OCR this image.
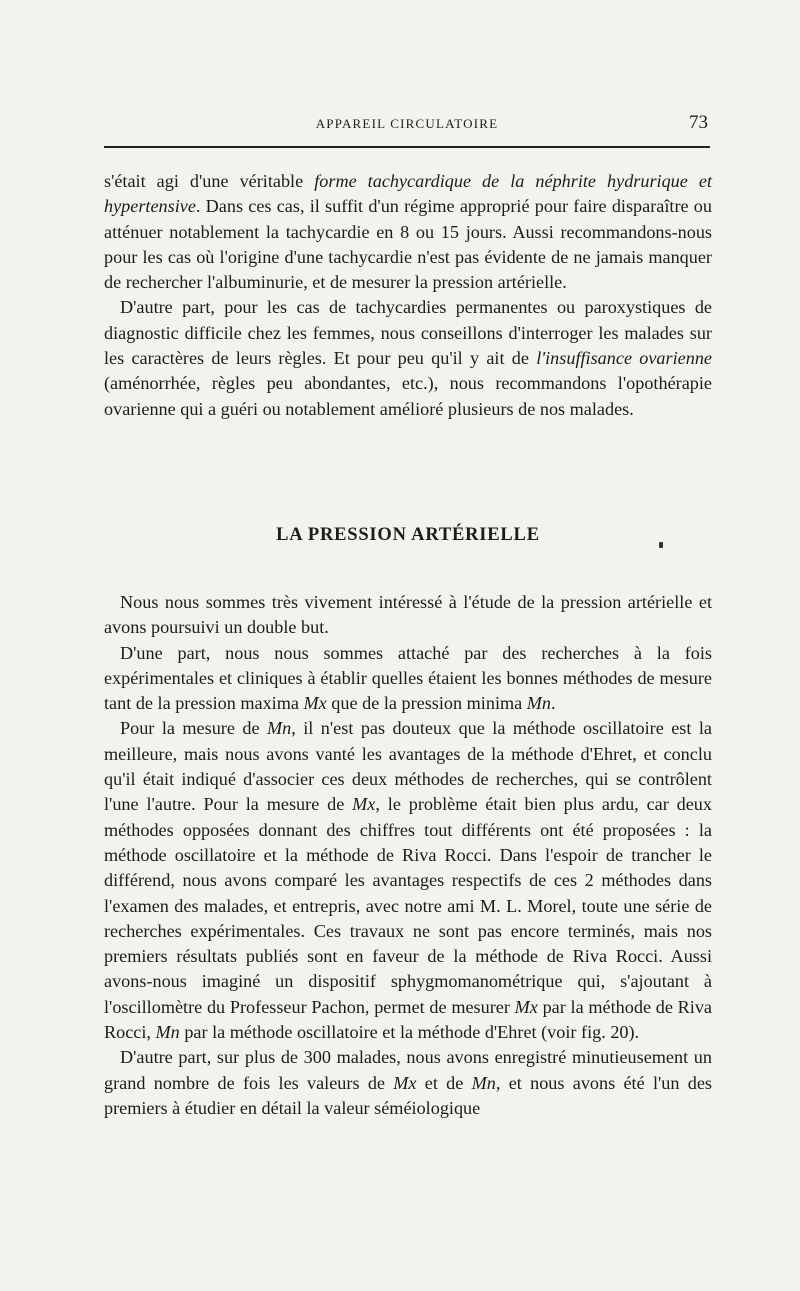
APPAREIL CIRCULATOIRE	73

s'était agi d'une véritable forme tachycardique de la néphrite hydrurique et hypertensive. Dans ces cas, il suffit d'un régime approprié pour faire disparaître ou atténuer notablement la tachycardie en 8 ou 15 jours. Aussi recommandons-nous pour les cas où l'origine d'une tachycardie n'est pas évidente de ne jamais manquer de rechercher l'albuminurie, et de mesurer la pression artérielle.

D'autre part, pour les cas de tachycardies permanentes ou paroxystiques de diagnostic difficile chez les femmes, nous conseillons d'interroger les malades sur les caractères de leurs règles. Et pour peu qu'il y ait de l'insuffisance ovarienne (aménorrhée, règles peu abondantes, etc.), nous recommandons l'opothérapie ovarienne qui a guéri ou notablement amélioré plusieurs de nos malades.

LA PRESSION ARTÉRIELLE

Nous nous sommes très vivement intéressé à l'étude de la pression artérielle et avons poursuivi un double but.

D'une part, nous nous sommes attaché par des recherches à la fois expérimentales et cliniques à établir quelles étaient les bonnes méthodes de mesure tant de la pression maxima Mx que de la pression minima Mn.

Pour la mesure de Mn, il n'est pas douteux que la méthode oscillatoire est la meilleure, mais nous avons vanté les avantages de la méthode d'Ehret, et conclu qu'il était indiqué d'associer ces deux méthodes de recherches, qui se contrôlent l'une l'autre. Pour la mesure de Mx, le problème était bien plus ardu, car deux méthodes opposées donnant des chiffres tout différents ont été proposées : la méthode oscillatoire et la méthode de Riva Rocci. Dans l'espoir de trancher le différend, nous avons comparé les avantages respectifs de ces 2 méthodes dans l'examen des malades, et entrepris, avec notre ami M. L. Morel, toute une série de recherches expérimentales. Ces travaux ne sont pas encore terminés, mais nos premiers résultats publiés sont en faveur de la méthode de Riva Rocci. Aussi avons-nous imaginé un dispositif sphygmomanométrique qui, s'ajoutant à l'oscillomètre du Professeur Pachon, permet de mesurer Mx par la méthode de Riva Rocci, Mn par la méthode oscillatoire et la méthode d'Ehret (voir fig. 20).

D'autre part, sur plus de 300 malades, nous avons enregistré minutieusement un grand nombre de fois les valeurs de Mx et de Mn, et nous avons été l'un des premiers à étudier en détail la valeur séméiologique
